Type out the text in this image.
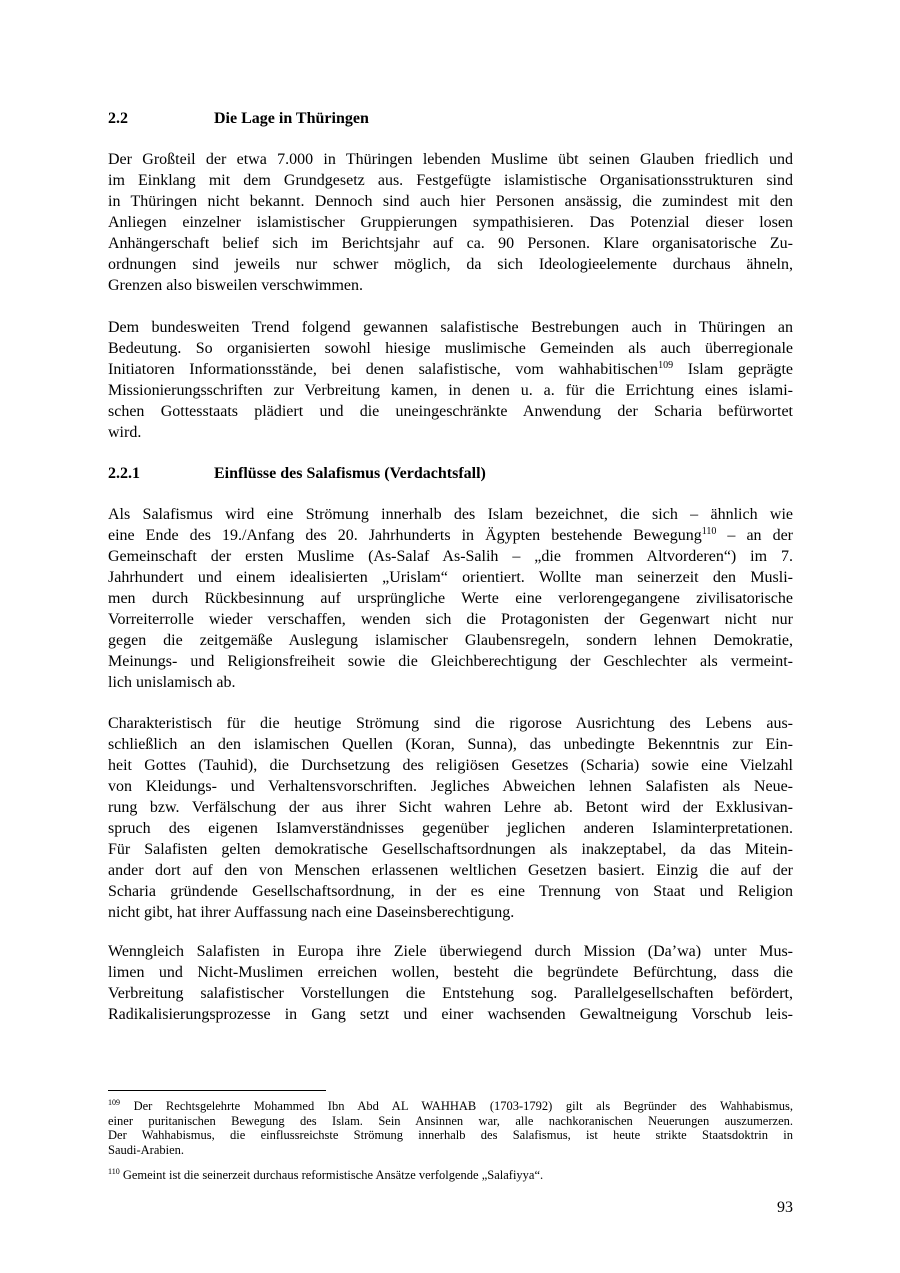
2.2	Die Lage in Thüringen
Der Großteil der etwa 7.000 in Thüringen lebenden Muslime übt seinen Glauben friedlich und
im Einklang mit dem Grundgesetz aus. Festgefügte islamistische Organisationsstrukturen sind
in Thüringen nicht bekannt. Dennoch sind auch hier Personen ansässig, die zumindest mit den
Anliegen einzelner islamistischer Gruppierungen sympathisieren. Das Potenzial dieser losen
Anhängerschaft belief sich im Berichtsjahr auf ca. 90 Personen. Klare organisatorische Zu-
ordnungen sind jeweils nur schwer möglich, da sich Ideologieelemente durchaus ähneln,
Grenzen also bisweilen verschwimmen.
Dem bundesweiten Trend folgend gewannen salafistische Bestrebungen auch in Thüringen an
Bedeutung. So organisierten sowohl hiesige muslimische Gemeinden als auch überregionale
Initiatoren Informationsstände, bei denen salafistische, vom wahhabitischen$^{109}$ Islam geprägte
Missionierungsschriften zur Verbreitung kamen, in denen u. a. für die Errichtung eines islami-
schen Gottesstaats plädiert und die uneingeschränkte Anwendung der Scharia befürwortet
wird.
2.2.1	Einflüsse des Salafismus (Verdachtsfall)
Als Salafismus wird eine Strömung innerhalb des Islam bezeichnet, die sich – ähnlich wie
eine Ende des 19./Anfang des 20. Jahrhunderts in Ägypten bestehende Bewegung$^{110}$ – an der
Gemeinschaft der ersten Muslime (As-Salaf As-Salih – „die frommen Altvorderen“) im 7.
Jahrhundert und einem idealisierten „Urislam“ orientiert. Wollte man seinerzeit den Musli-
men durch Rückbesinnung auf ursprüngliche Werte eine verlorengegangene zivilisatorische
Vorreiterrolle wieder verschaffen, wenden sich die Protagonisten der Gegenwart nicht nur
gegen die zeitgemäße Auslegung islamischer Glaubensregeln, sondern lehnen Demokratie,
Meinungs- und Religionsfreiheit sowie die Gleichberechtigung der Geschlechter als vermeint-
lich unislamisch ab.
Charakteristisch für die heutige Strömung sind die rigorose Ausrichtung des Lebens aus-
schließlich an den islamischen Quellen (Koran, Sunna), das unbedingte Bekenntnis zur Ein-
heit Gottes (Tauhid), die Durchsetzung des religiösen Gesetzes (Scharia) sowie eine Vielzahl
von Kleidungs- und Verhaltensvorschriften. Jegliches Abweichen lehnen Salafisten als Neue-
rung bzw. Verfälschung der aus ihrer Sicht wahren Lehre ab. Betont wird der Exklusivan-
spruch des eigenen Islamverständnisses gegenüber jeglichen anderen Islaminterpretationen.
Für Salafisten gelten demokratische Gesellschaftsordnungen als inakzeptabel, da das Mitein-
ander dort auf den von Menschen erlassenen weltlichen Gesetzen basiert. Einzig die auf der
Scharia gründende Gesellschaftsordnung, in der es eine Trennung von Staat und Religion
nicht gibt, hat ihrer Auffassung nach eine Daseinsberechtigung.
Wenngleich Salafisten in Europa ihre Ziele überwiegend durch Mission (Da’wa) unter Mus-
limen und Nicht-Muslimen erreichen wollen, besteht die begründete Befürchtung, dass die
Verbreitung salafistischer Vorstellungen die Entstehung sog. Parallelgesellschaften befördert,
Radikalisierungsprozesse in Gang setzt und einer wachsenden Gewaltneigung Vorschub leis-
$^{109}$ Der Rechtsgelehrte Mohammed Ibn Abd AL WAHHAB (1703-1792) gilt als Begründer des Wahhabismus,
einer puritanischen Bewegung des Islam. Sein Ansinnen war, alle nachkoranischen Neuerungen auszumerzen.
Der Wahhabismus, die einflussreichste Strömung innerhalb des Salafismus, ist heute strikte Staatsdoktrin in
Saudi-Arabien.
$^{110}$ Gemeint ist die seinerzeit durchaus reformistische Ansätze verfolgende „Salafiyya“.
93
